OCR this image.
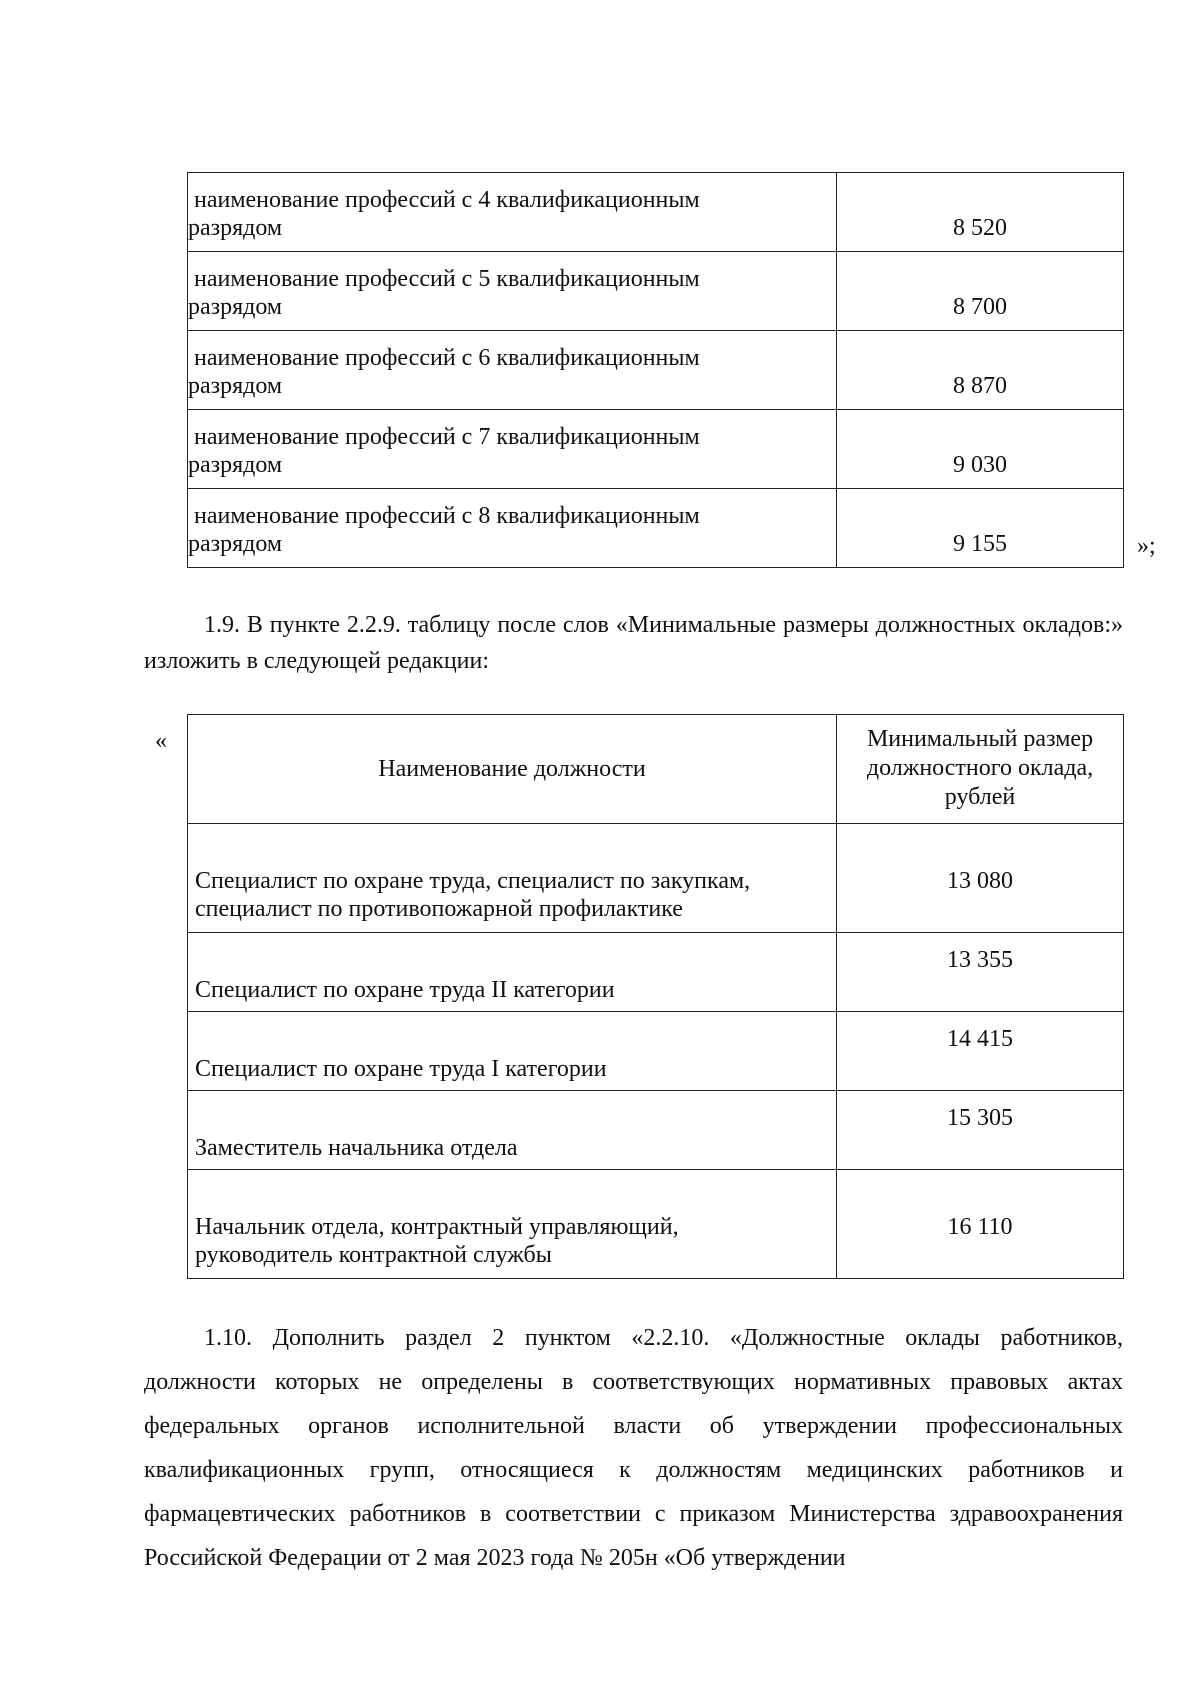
наименование профессий с 4 квалификационным
разрядом	8 520

наименование профессий с 5 квалификационным
разрядом	8 700

наименование профессий с 6 квалификационным
разрядом	8 870

наименование профессий с 7 квалификационным
разрядом	9 030

наименование профессий с 8 квалификационным
разрядом	9 155	»;
1.9. В пункте 2.2.9. таблицу после слов «Минимальные размеры должностных окладов:» изложить в следующей редакции:
«
Наименование должности	Минимальный размер
должностного оклада,
рублей

Специалист по охране труда, специалист по закупкам,
специалист по противопожарной профилактике	13 080

Специалист по охране труда II категории	13 355

Специалист по охране труда I категории	14 415

Заместитель начальника отдела	15 305

Начальник отдела, контрактный управляющий,
руководитель контрактной службы	16 110
1.10. Дополнить раздел 2 пунктом «2.2.10. «Должностные оклады работников, должности которых не определены в соответствующих нормативных правовых актах федеральных органов исполнительной власти об утверждении профессиональных квалификационных групп, относящиеся к должностям медицинских работников и фармацевтических работников в соответствии с приказом Министерства здравоохранения Российской Федерации от 2 мая 2023 года № 205н «Об утверждении
